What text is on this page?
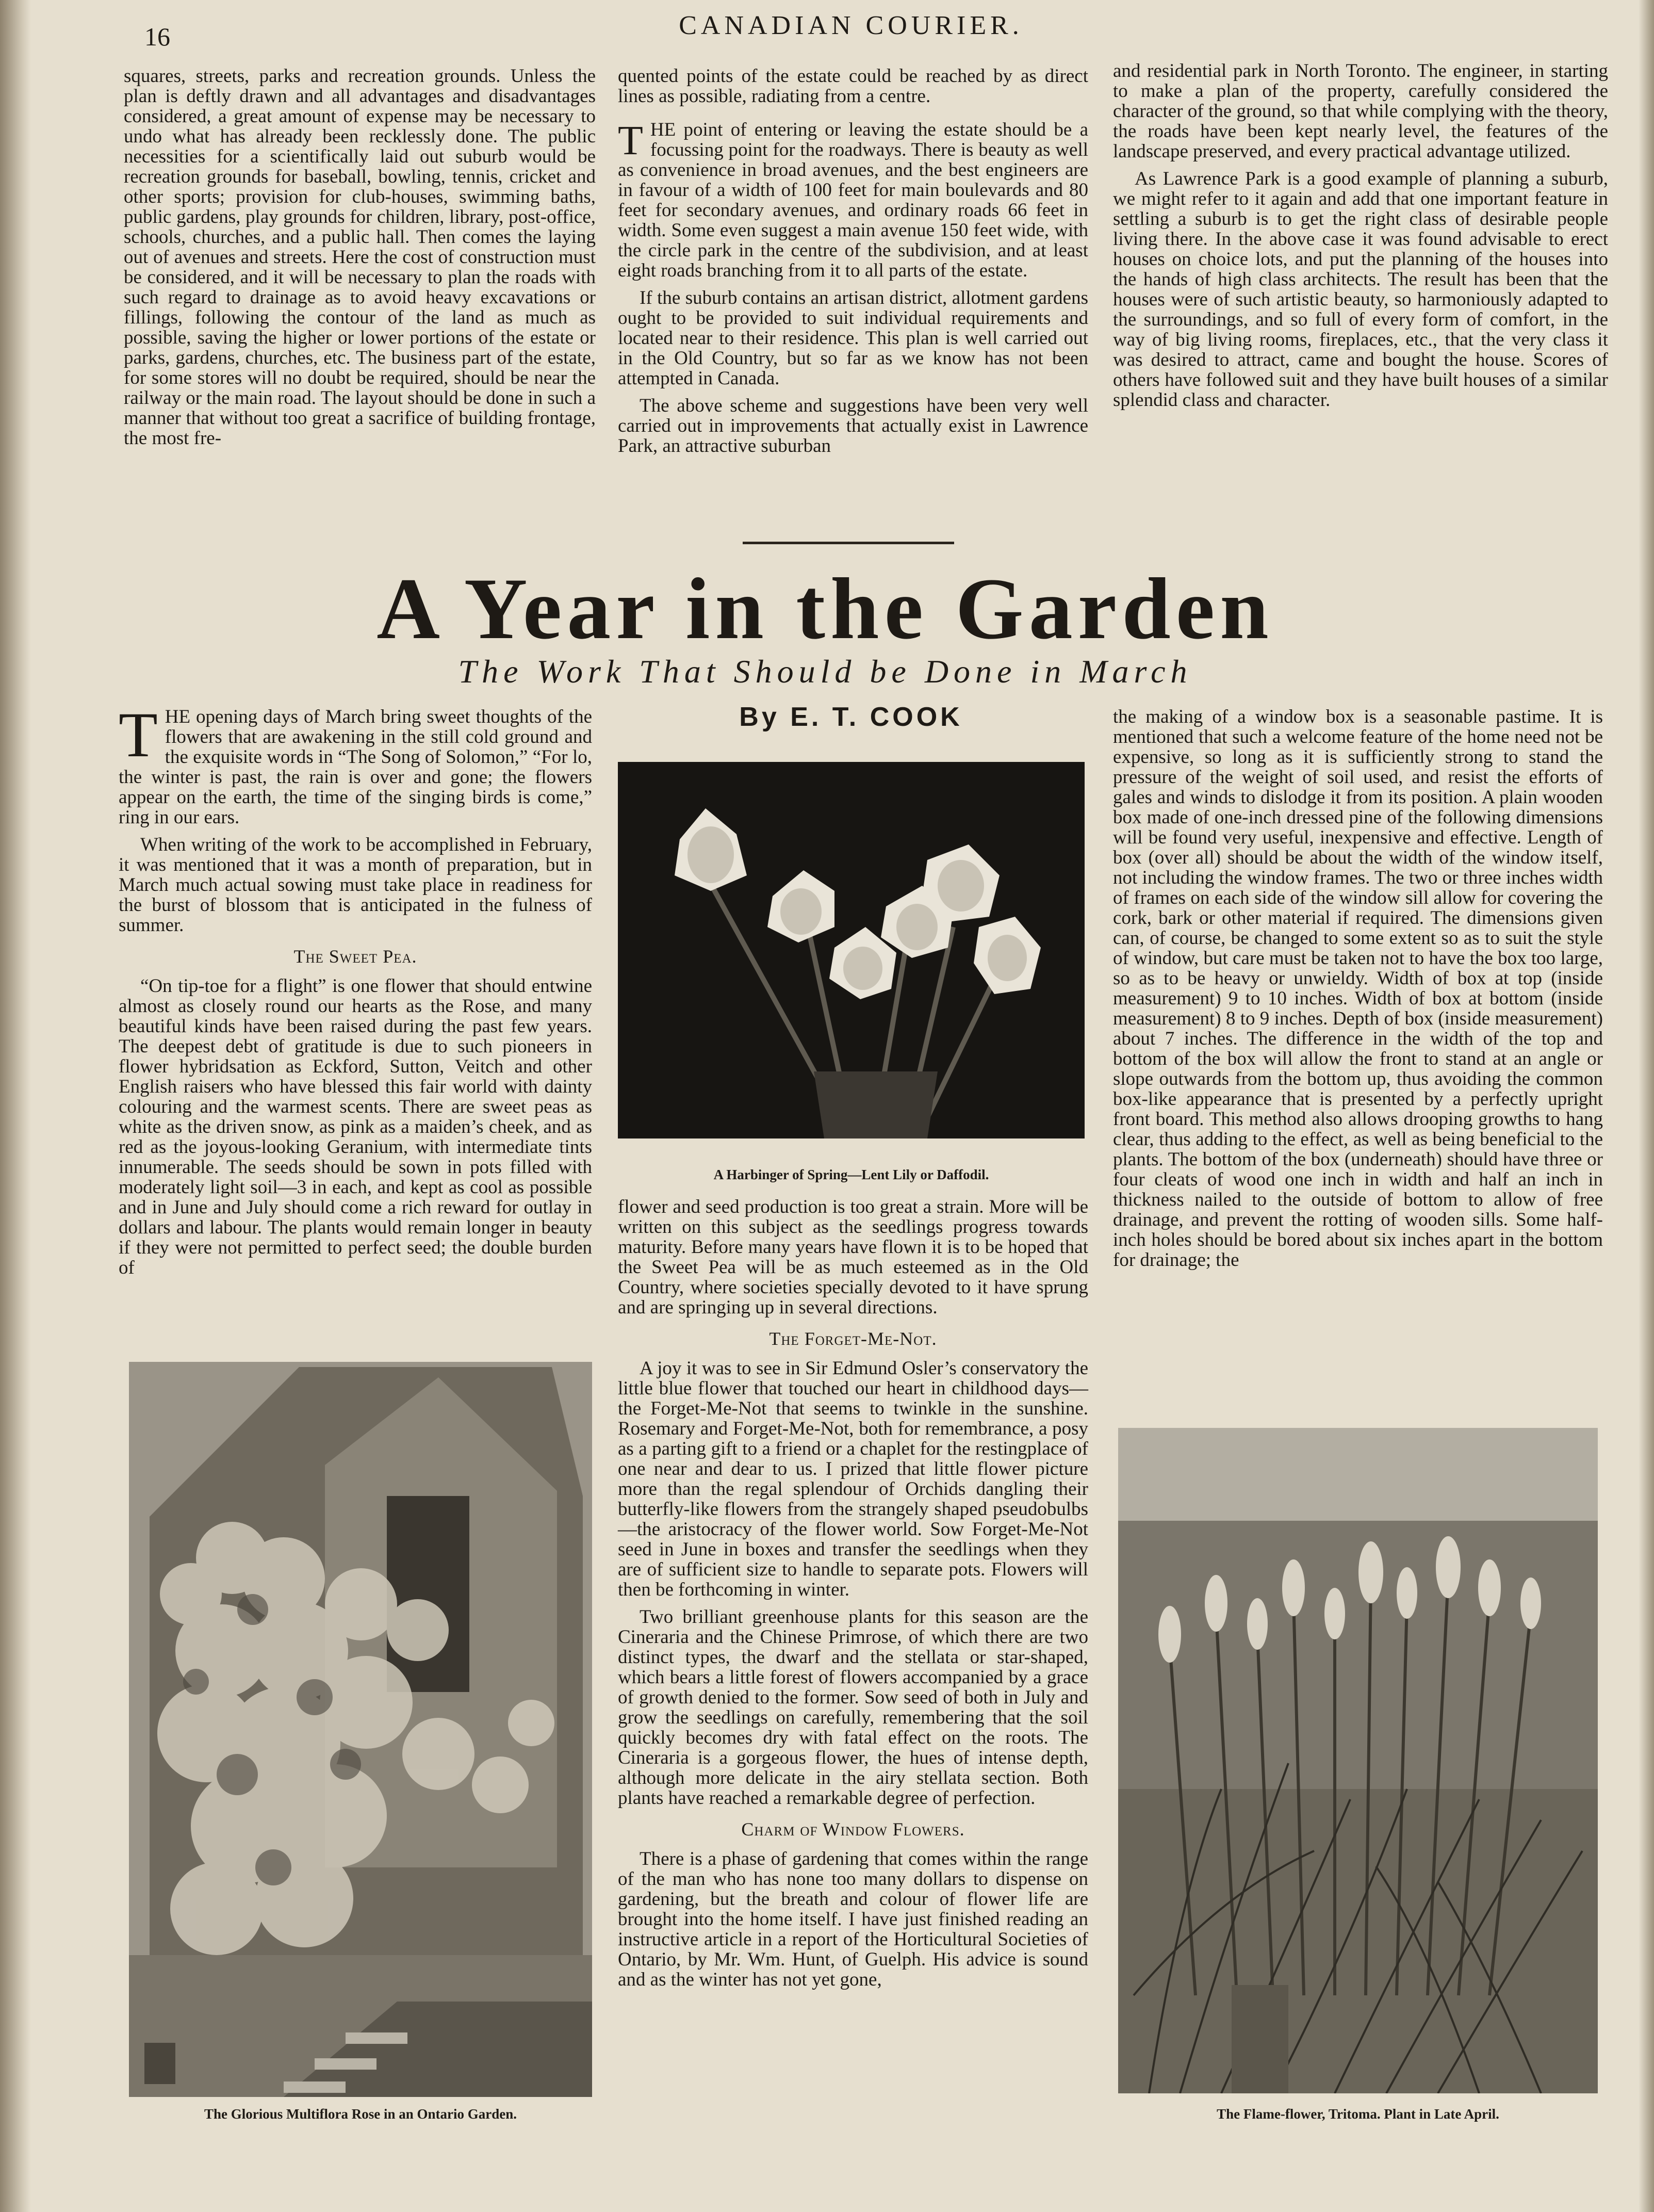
16	CANADIAN COURIER.

squares, streets, parks and recreation grounds. Unless the plan is deftly drawn and all advantages and disadvantages considered, a great amount of expense may be necessary to undo what has already been recklessly done. The public necessities for a scientifically laid out suburb would be recreation grounds for baseball, bowling, tennis, cricket and other sports; provision for club-houses, swimming baths, public gardens, play grounds for children, library, post-office, schools, churches, and a public hall. Then comes the laying out of avenues and streets. Here the cost of construction must be considered, and it will be necessary to plan the roads with such regard to drainage as to avoid heavy excavations or fillings, following the contour of the land as much as possible, saving the higher or lower portions of the estate or parks, gardens, churches, etc. The business part of the estate, for some stores will no doubt be required, should be near the railway or the main road. The layout should be done in such a manner that without too great a sacrifice of building frontage, the most fre-

quented points of the estate could be reached by as direct lines as possible, radiating from a centre.

THE point of entering or leaving the estate should be a focussing point for the roadways. There is beauty as well as convenience in broad avenues, and the best engineers are in favour of a width of 100 feet for main boulevards and 80 feet for secondary avenues, and ordinary roads 66 feet in width. Some even suggest a main avenue 150 feet wide, with the circle park in the centre of the subdivision, and at least eight roads branching from it to all parts of the estate.

If the suburb contains an artisan district, allotment gardens ought to be provided to suit individual requirements and located near to their residence. This plan is well carried out in the Old Country, but so far as we know has not been attempted in Canada.

The above scheme and suggestions have been very well carried out in improvements that actually exist in Lawrence Park, an attractive suburban

and residential park in North Toronto. The engineer, in starting to make a plan of the property, carefully considered the character of the ground, so that while complying with the theory, the roads have been kept nearly level, the features of the landscape preserved, and every practical advantage utilized.

As Lawrence Park is a good example of planning a suburb, we might refer to it again and add that one important feature in settling a suburb is to get the right class of desirable people living there. In the above case it was found advisable to erect houses on choice lots, and put the planning of the houses into the hands of high class architects. The result has been that the houses were of such artistic beauty, so harmoniously adapted to the surroundings, and so full of every form of comfort, in the way of big living rooms, fireplaces, etc., that the very class it was desired to attract, came and bought the house. Scores of others have followed suit and they have built houses of a similar splendid class and character.

A Year in the Garden
The Work That Should be Done in March
By E. T. COOK

THE opening days of March bring sweet thoughts of the flowers that are awakening in the still cold ground and the exquisite words in “The Song of Solomon,” “For lo, the winter is past, the rain is over and gone; the flowers appear on the earth, the time of the singing birds is come,” ring in our ears.

When writing of the work to be accomplished in February, it was mentioned that it was a month of preparation, but in March much actual sowing must take place in readiness for the burst of blossom that is anticipated in the fulness of summer.

The Sweet Pea.

“On tip-toe for a flight” is one flower that should entwine almost as closely round our hearts as the Rose, and many beautiful kinds have been raised during the past few years. The deepest debt of gratitude is due to such pioneers in flower hybridsation as Eckford, Sutton, Veitch and other English raisers who have blessed this fair world with dainty colouring and the warmest scents. There are sweet peas as white as the driven snow, as pink as a maiden’s cheek, and as red as the joyous-looking Geranium, with intermediate tints innumerable. The seeds should be sown in pots filled with moderately light soil—3 in each, and kept as cool as possible and in June and July should come a rich reward for outlay in dollars and labour. The plants would remain longer in beauty if they were not permitted to perfect seed; the double burden of

The Glorious Multiflora Rose in an Ontario Garden.
A Harbinger of Spring—Lent Lily or Daffodil.

flower and seed production is too great a strain. More will be written on this subject as the seedlings progress towards maturity. Before many years have flown it is to be hoped that the Sweet Pea will be as much esteemed as in the Old Country, where societies specially devoted to it have sprung and are springing up in several directions.

The Forget-Me-Not.

A joy it was to see in Sir Edmund Osler’s conservatory the little blue flower that touched our heart in childhood days—the Forget-Me-Not that seems to twinkle in the sunshine. Rosemary and Forget-Me-Not, both for remembrance, a posy as a parting gift to a friend or a chaplet for the restingplace of one near and dear to us. I prized that little flower picture more than the regal splendour of Orchids dangling their butterfly-like flowers from the strangely shaped pseudobulbs—the aristocracy of the flower world. Sow Forget-Me-Not seed in June in boxes and transfer the seedlings when they are of sufficient size to handle to separate pots. Flowers will then be forthcoming in winter.

Two brilliant greenhouse plants for this season are the Cineraria and the Chinese Primrose, of which there are two distinct types, the dwarf and the stellata or star-shaped, which bears a little forest of flowers accompanied by a grace of growth denied to the former. Sow seed of both in July and grow the seedlings on carefully, remembering that the soil quickly becomes dry with fatal effect on the roots. The Cineraria is a gorgeous flower, the hues of intense depth, although more delicate in the airy stellata section. Both plants have reached a remarkable degree of perfection.

Charm of Window Flowers.

There is a phase of gardening that comes within the range of the man who has none too many dollars to dispense on gardening, but the breath and colour of flower life are brought into the home itself. I have just finished reading an instructive article in a report of the Horticultural Societies of Ontario, by Mr. Wm. Hunt, of Guelph. His advice is sound and as the winter has not yet gone,

the making of a window box is a seasonable pastime. It is mentioned that such a welcome feature of the home need not be expensive, so long as it is sufficiently strong to stand the pressure of the weight of soil used, and resist the efforts of gales and winds to dislodge it from its position. A plain wooden box made of one-inch dressed pine of the following dimensions will be found very useful, inexpensive and effective. Length of box (over all) should be about the width of the window itself, not including the window frames. The two or three inches width of frames on each side of the window sill allow for covering the cork, bark or other material if required. The dimensions given can, of course, be changed to some extent so as to suit the style of window, but care must be taken not to have the box too large, so as to be heavy or unwieldy. Width of box at top (inside measurement) 9 to 10 inches. Width of box at bottom (inside measurement) 8 to 9 inches. Depth of box (inside measurement) about 7 inches. The difference in the width of the top and bottom of the box will allow the front to stand at an angle or slope outwards from the bottom up, thus avoiding the common box-like appearance that is presented by a perfectly upright front board. This method also allows drooping growths to hang clear, thus adding to the effect, as well as being beneficial to the plants. The bottom of the box (underneath) should have three or four cleats of wood one inch in width and half an inch in thickness nailed to the outside of bottom to allow of free drainage, and prevent the rotting of wooden sills. Some half-inch holes should be bored about six inches apart in the bottom for drainage; the

The Flame-flower, Tritoma. Plant in Late April.
